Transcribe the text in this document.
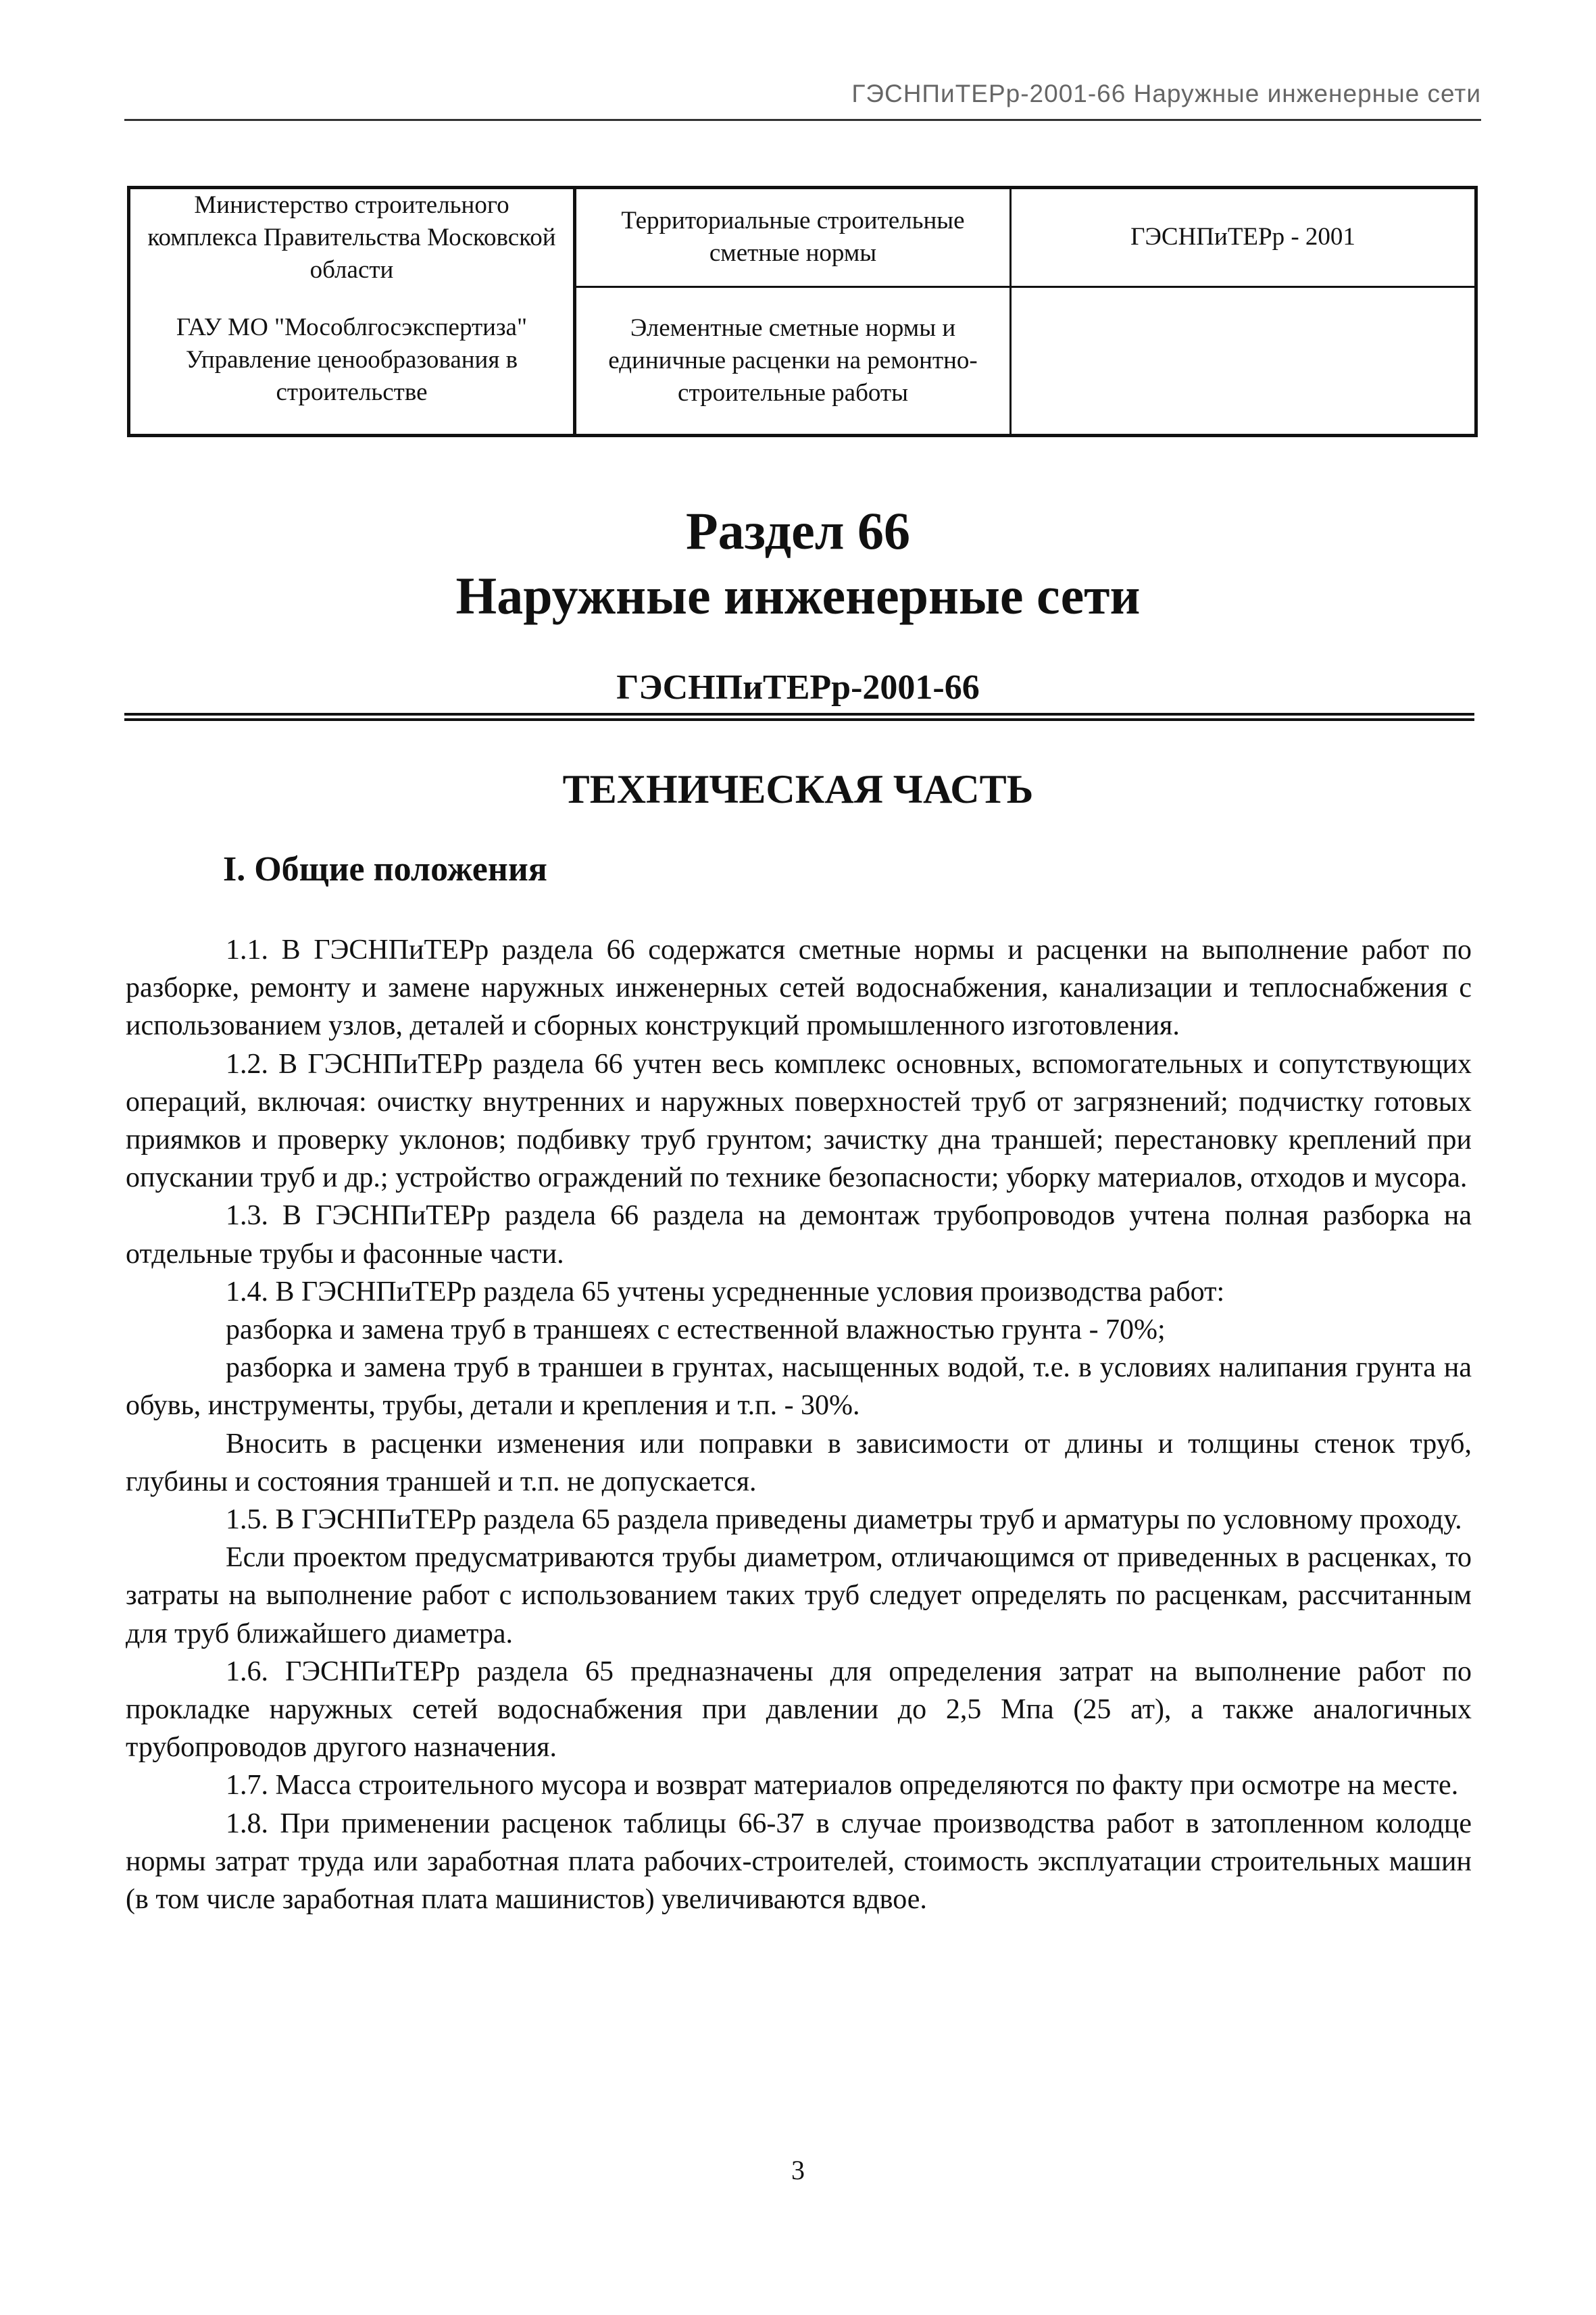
ГЭСНПиТЕРр-2001-66 Наружные инженерные сети
Министерство строительного комплекса Правительства Московской области	Территориальные строительные сметные нормы	ГЭСНПиТЕРр - 2001
ГАУ МО "Мособлгосэкспертиза" Управление ценообразования в строительстве	Элементные сметные нормы и единичные расценки на ремонтно-строительные работы	
Раздел 66
Наружные инженерные сети
ГЭСНПиТЕРр-2001-66
ТЕХНИЧЕСКАЯ ЧАСТЬ
I. Общие положения

1.1. В ГЭСНПиТЕРр раздела 66 содержатся сметные нормы и расценки на выполнение работ по разборке, ремонту и замене наружных инженерных сетей водоснабжения, канализации и теплоснабжения с использованием узлов, деталей и сборных конструкций промышленного изготовления.

1.2. В ГЭСНПиТЕРр раздела 66 учтен весь комплекс основных, вспомогательных и сопутствующих операций, включая: очистку внутренних и наружных поверхностей труб от загрязнений; подчистку готовых приямков и проверку уклонов; подбивку труб грунтом; зачистку дна траншей; перестановку креплений при опускании труб и др.; устройство ограждений по технике безопасности; уборку материалов, отходов и мусора.

1.3. В ГЭСНПиТЕРр раздела 66 раздела на демонтаж трубопроводов учтена полная разборка на отдельные трубы и фасонные части.

1.4. В ГЭСНПиТЕРр раздела 65 учтены усредненные условия производства работ:

разборка и замена труб в траншеях с естественной влажностью грунта - 70%;

разборка и замена труб в траншеи в грунтах, насыщенных водой, т.е. в условиях налипания грунта на обувь, инструменты, трубы, детали и крепления и т.п. - 30%.

Вносить в расценки изменения или поправки в зависимости от длины и толщины стенок труб, глубины и состояния траншей и т.п. не допускается.

1.5. В ГЭСНПиТЕРр раздела 65 раздела приведены диаметры труб и арматуры по условному проходу.

Если проектом предусматриваются трубы диаметром, отличающимся от приведенных в расценках, то затраты на выполнение работ с использованием таких труб следует определять по расценкам, рассчитанным для труб ближайшего диаметра.

1.6. ГЭСНПиТЕРр раздела 65 предназначены для определения затрат на выполнение работ по прокладке наружных сетей водоснабжения при давлении до 2,5 Мпа (25 ат), а также аналогичных трубопроводов другого назначения.

1.7. Масса строительного мусора и возврат материалов определяются по факту при осмотре на месте.

1.8. При применении расценок таблицы 66-37 в случае производства работ в затопленном колодце нормы затрат труда или заработная плата рабочих-строителей, стоимость эксплуатации строительных машин (в том числе заработная плата машинистов) увеличиваются вдвое.

3
